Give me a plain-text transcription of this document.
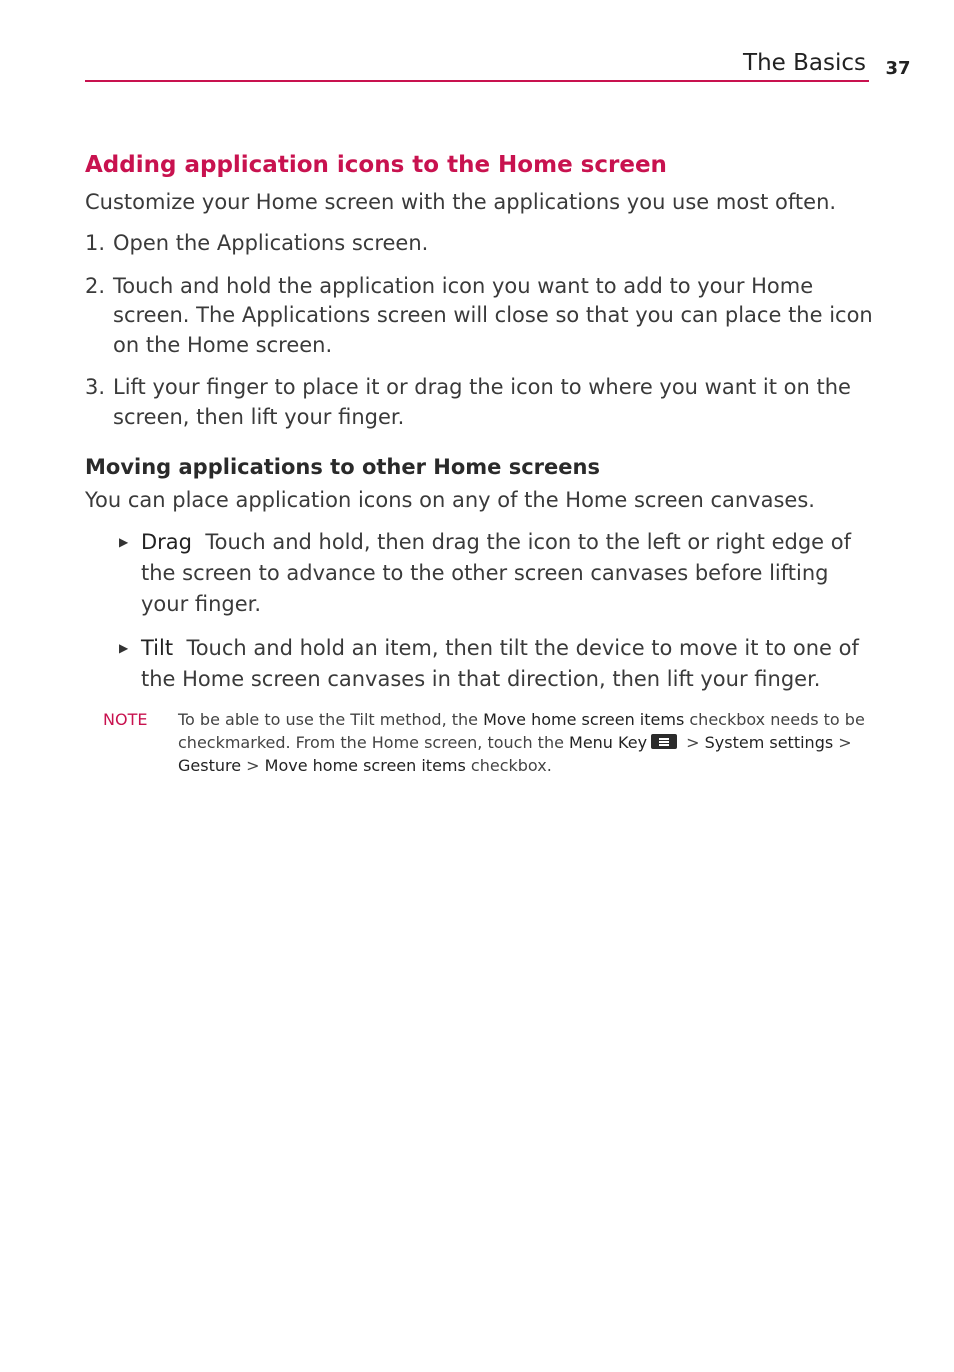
The Basics	37
Adding application icons to the Home screen

Customize your Home screen with the applications you use most often.

1. Open the Applications screen.
2. Touch and hold the application icon you want to add to your Home screen. The Applications screen will close so that you can place the icon on the Home screen.
3. Lift your finger to place it or drag the icon to where you want it on the screen, then lift your finger.
Moving applications to other Home screens

You can place application icons on any of the Home screen canvases.

▶ Drag Touch and hold, then drag the icon to the left or right edge of the screen to advance to the other screen canvases before lifting your finger.
▶ Tilt Touch and hold an item, then tilt the device to move it to one of the Home screen canvases in that direction, then lift your finger.
NOTE To be able to use the Tilt method, the Move home screen items checkbox needs to be checkmarked. From the Home screen, touch the Menu Key > System settings > Gesture > Move home screen items checkbox.
